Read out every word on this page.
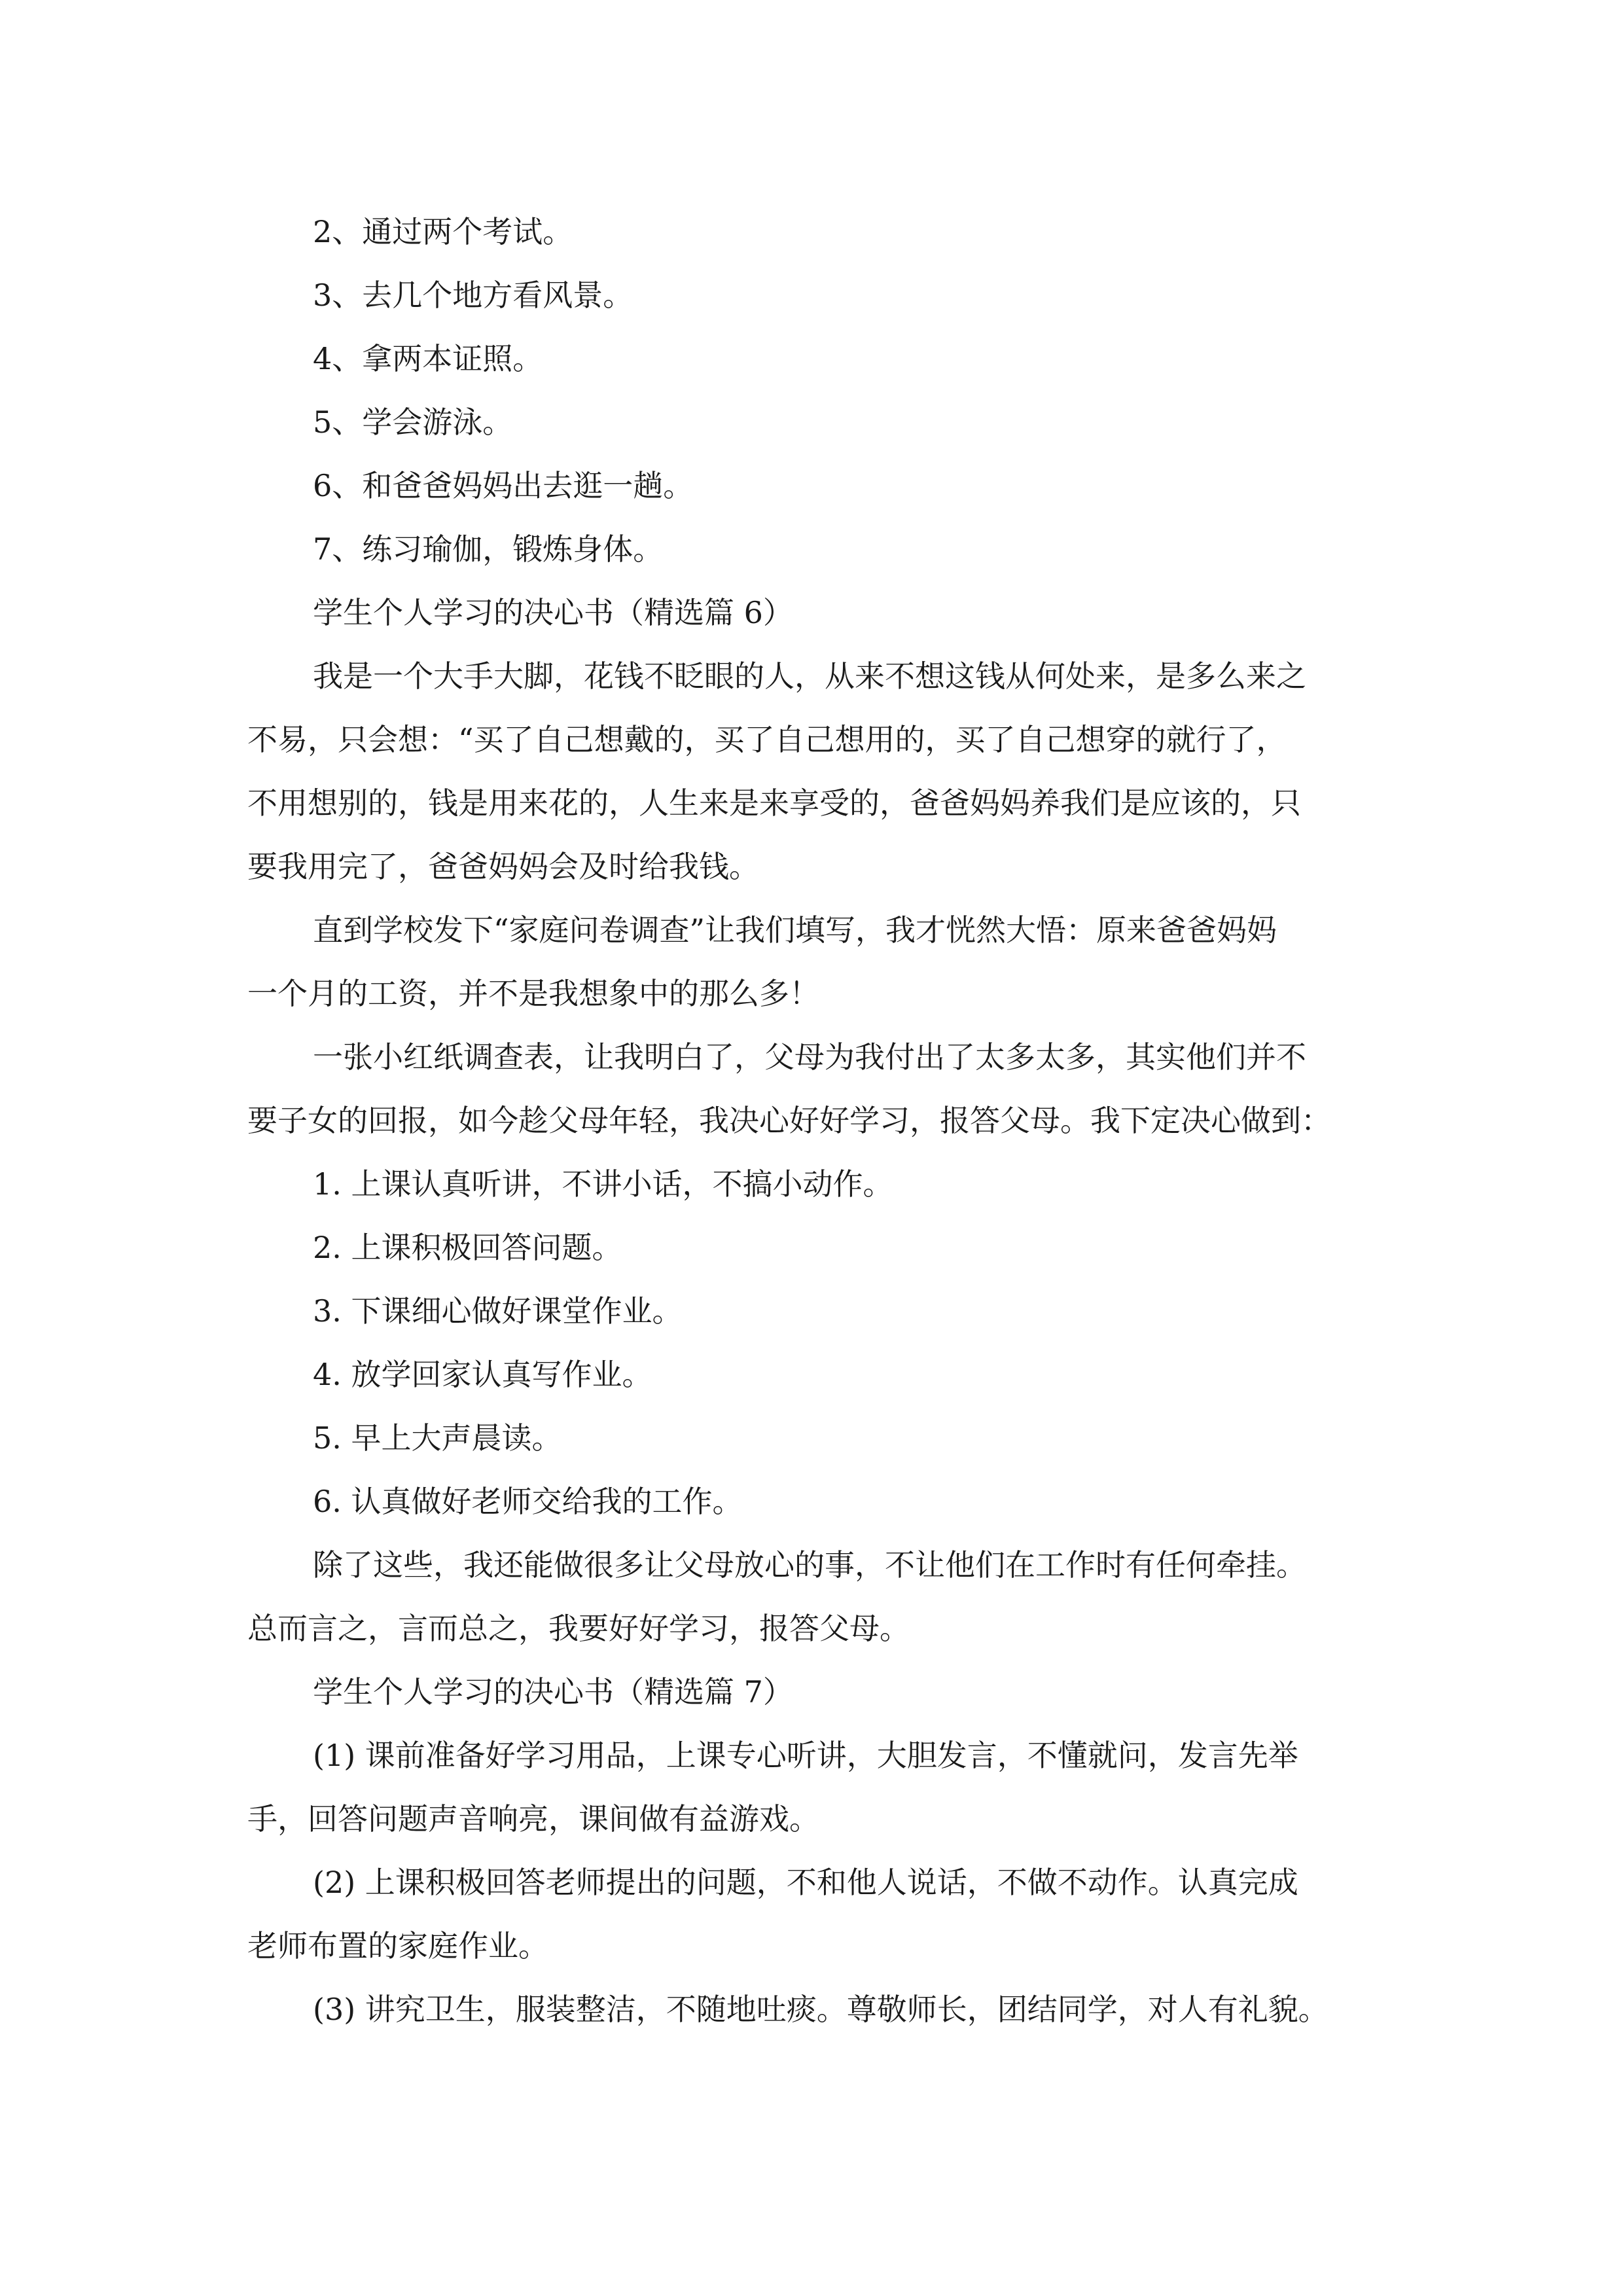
2、通过两个考试。

3、去几个地方看风景。

4、拿两本证照。

5、学会游泳。

6、和爸爸妈妈出去逛一趟。

7、练习瑜伽，锻炼身体。

学生个人学习的决心书（精选篇 6）

我是一个大手大脚，花钱不眨眼的人，从来不想这钱从何处来，是多么来之

不易，只会想：“买了自己想戴的，买了自己想用的，买了自己想穿的就行了，

不用想别的，钱是用来花的，人生来是来享受的，爸爸妈妈养我们是应该的，只

要我用完了，爸爸妈妈会及时给我钱。

直到学校发下“家庭问卷调查”让我们填写，我才恍然大悟：原来爸爸妈妈

一个月的工资，并不是我想象中的那么多！

一张小红纸调查表，让我明白了，父母为我付出了太多太多，其实他们并不

要子女的回报，如今趁父母年轻，我决心好好学习，报答父母。我下定决心做到：

1. 上课认真听讲，不讲小话，不搞小动作。

2. 上课积极回答问题。

3. 下课细心做好课堂作业。

4. 放学回家认真写作业。

5. 早上大声晨读。

6. 认真做好老师交给我的工作。

除了这些，我还能做很多让父母放心的事，不让他们在工作时有任何牵挂。

总而言之，言而总之，我要好好学习，报答父母。

学生个人学习的决心书（精选篇 7）

(1) 课前准备好学习用品，上课专心听讲，大胆发言，不懂就问，发言先举

手，回答问题声音响亮，课间做有益游戏。

(2) 上课积极回答老师提出的问题，不和他人说话，不做不动作。认真完成

老师布置的家庭作业。

(3) 讲究卫生，服装整洁，不随地吐痰。尊敬师长，团结同学，对人有礼貌。
